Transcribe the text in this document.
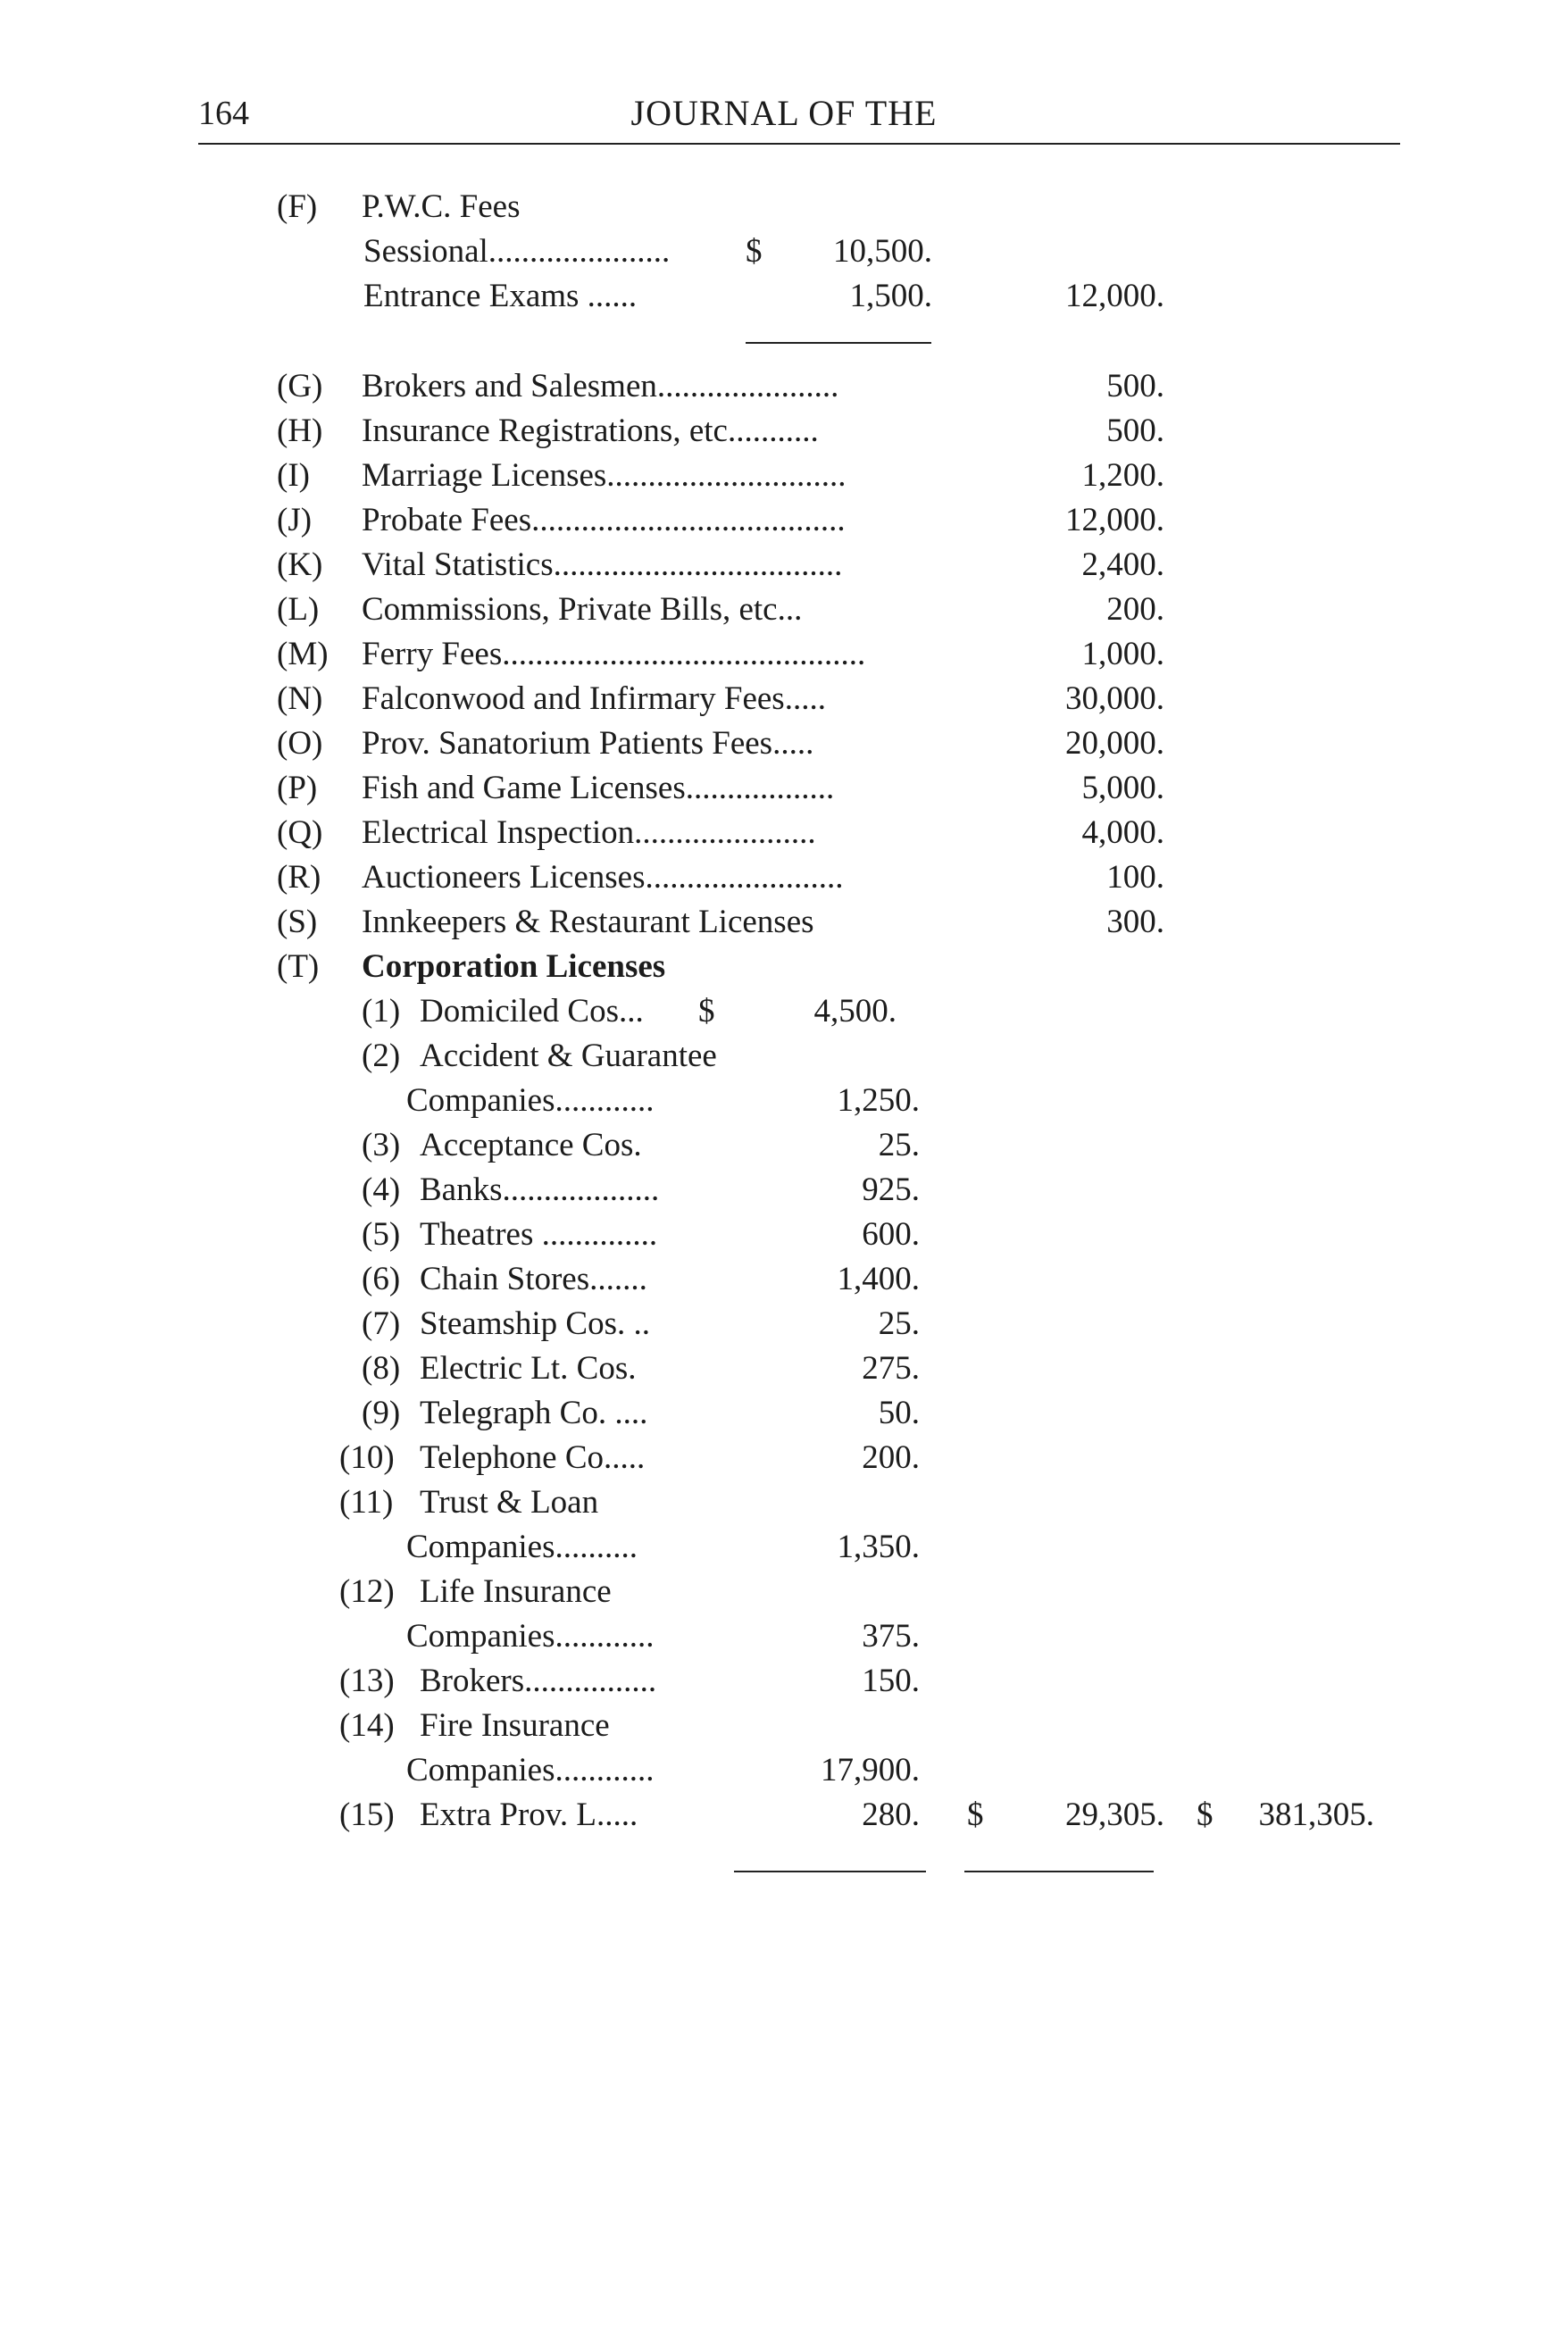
164	JOURNAL OF THE
(F) P.W.C. Fees
Sessional...................... $ 10,500.
Entrance Exams ......	1,500.	12,000.
(G) Brokers and Salesmen......................	500.
(H) Insurance Registrations, etc...........	500.
(I) Marriage Licenses.............................	1,200.
(J) Probate Fees......................................	12,000.
(K) Vital Statistics...................................	2,400.
(L) Commissions, Private Bills, etc...	200.
(M) Ferry Fees............................................	1,000.
(N) Falconwood and Infirmary Fees.....	30,000.
(O) Prov. Sanatorium Patients Fees.....	20,000.
(P) Fish and Game Licenses..................	5,000.
(Q) Electrical Inspection......................	4,000.
(R) Auctioneers Licenses........................	100.
(S) Innkeepers & Restaurant Licenses	300.
(T) Corporation Licenses
(1) Domiciled Cos... $	4,500.
(2) Accident & Guarantee
Companies............	1,250.
(3) Acceptance Cos.	25.
(4) Banks...................	925.
(5) Theatres ..............	600.
(6) Chain Stores.......	1,400.
(7) Steamship Cos. ..	25.
(8) Electric Lt. Cos.	275.
(9) Telegraph Co. ....	50.
(10) Telephone Co.....	200.
(11) Trust & Loan
Companies..........	1,350.
(12) Life Insurance
Companies............	375.
(13) Brokers................	150.
(14) Fire Insurance
Companies............	17,900.
(15) Extra Prov. L.....	280. $ 29,305. $ 381,305.
